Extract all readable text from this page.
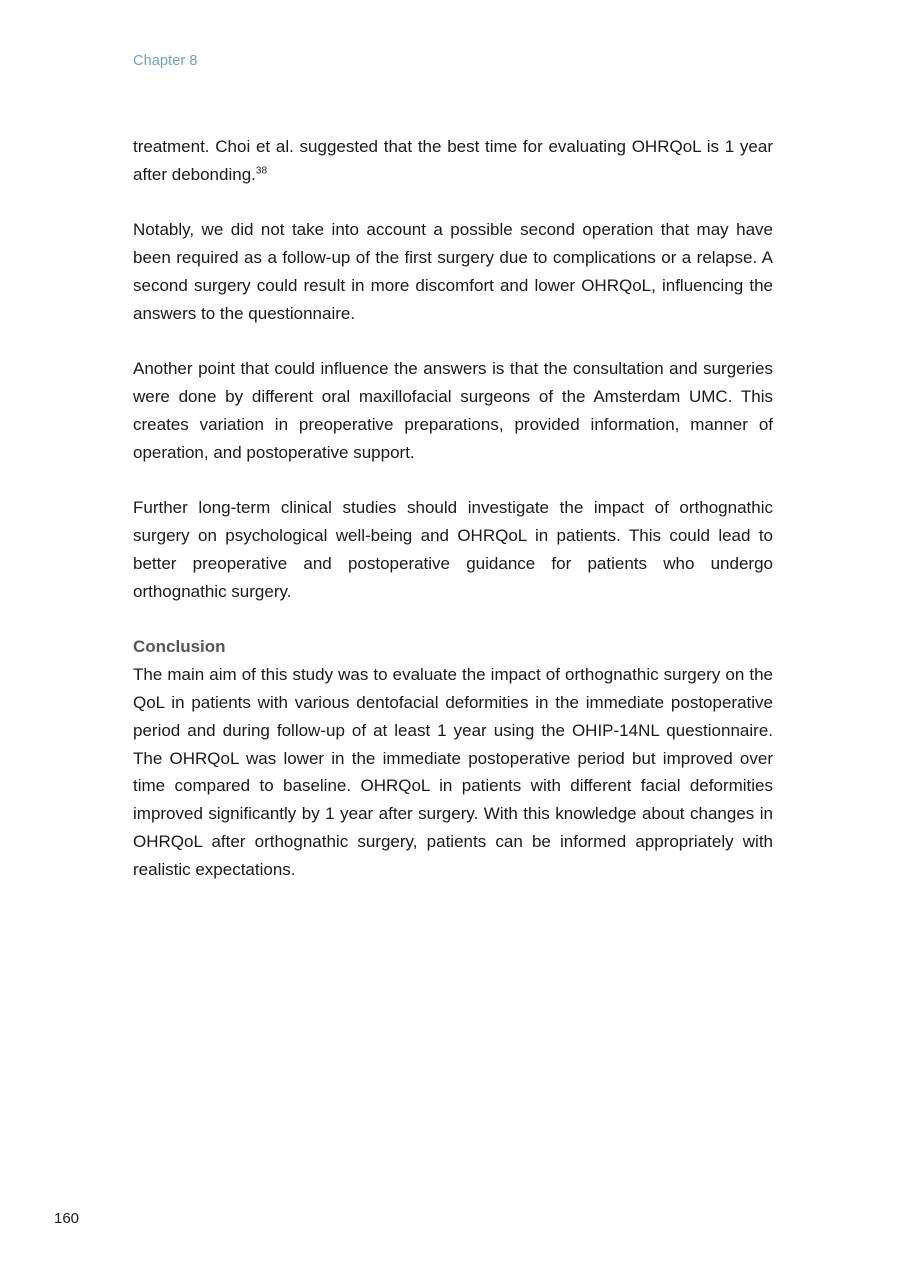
Chapter 8

treatment. Choi et al. suggested that the best time for evaluating OHRQoL is 1 year after debonding.$^{38}$

Notably, we did not take into account a possible second operation that may have been required as a follow-up of the first surgery due to complications or a relapse. A second surgery could result in more discomfort and lower OHRQoL, influencing the answers to the questionnaire.

Another point that could influence the answers is that the consultation and surgeries were done by different oral maxillofacial surgeons of the Amsterdam UMC. This creates variation in preoperative preparations, provided information, manner of operation, and postoperative support.

Further long-term clinical studies should investigate the impact of orthognathic surgery on psychological well-being and OHRQoL in patients. This could lead to better preoperative and postoperative guidance for patients who undergo orthognathic surgery.

Conclusion

The main aim of this study was to evaluate the impact of orthognathic surgery on the QoL in patients with various dentofacial deformities in the immediate postoperative period and during follow-up of at least 1 year using the OHIP-14NL questionnaire. The OHRQoL was lower in the immediate postoperative period but improved over time compared to baseline. OHRQoL in patients with different facial deformities improved significantly by 1 year after surgery. With this knowledge about changes in OHRQoL after orthognathic surgery, patients can be informed appropriately with realistic expectations.

160
